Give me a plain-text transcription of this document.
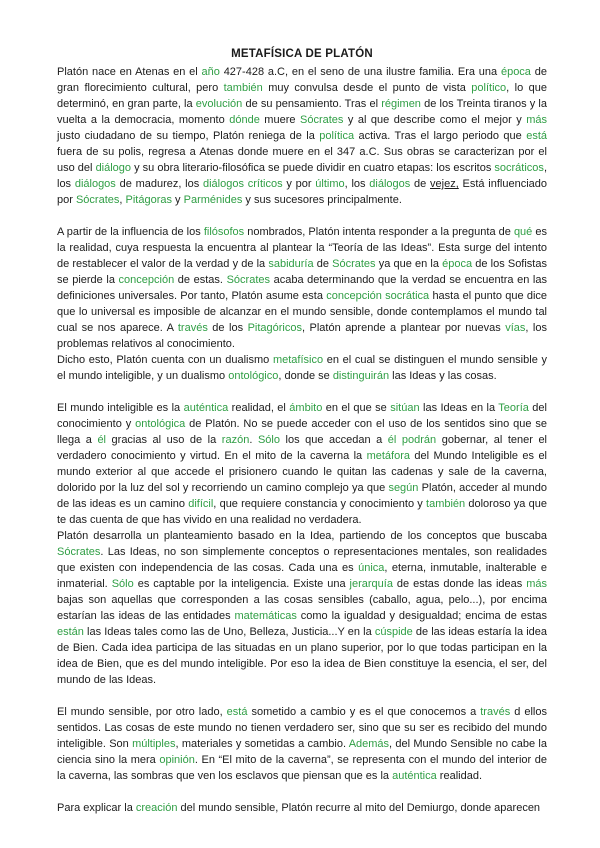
METAFÍSICA DE PLATÓN

Platón nace en Atenas en el año 427-428 a.C, en el seno de una ilustre familia. Era una época de gran florecimiento cultural, pero también muy convulsa desde el punto de vista político, lo que determinó, en gran parte, la evolución de su pensamiento. Tras el régimen de los Treinta tiranos y la vuelta a la democracia, momento dónde muere Sócrates y al que describe como el mejor y más justo ciudadano de su tiempo, Platón reniega de la política activa. Tras el largo periodo que está fuera de su polis, regresa a Atenas donde muere en el 347 a.C. Sus obras se caracterizan por el uso del diálogo y su obra literario-filosófica se puede dividir en cuatro etapas: los escritos socráticos, los diálogos de madurez, los diálogos críticos y por último, los diálogos de vejez, Está influenciado por Sócrates, Pitágoras y Parménides y sus sucesores principalmente.

A partir de la influencia de los filósofos nombrados, Platón intenta responder a la pregunta de qué es la realidad, cuya respuesta la encuentra al plantear la “Teoría de las Ideas”. Esta surge del intento de restablecer el valor de la verdad y de la sabiduría de Sócrates ya que en la época de los Sofistas se pierde la concepción de estas. Sócrates acaba determinando que la verdad se encuentra en las definiciones universales. Por tanto, Platón asume esta concepción socrática hasta el punto que dice que lo universal es imposible de alcanzar en el mundo sensible, donde contemplamos el mundo tal cual se nos aparece. A través de los Pitagóricos, Platón aprende a plantear por nuevas vías, los problemas relativos al conocimiento.

Dicho esto, Platón cuenta con un dualismo metafísico en el cual se distinguen el mundo sensible y el mundo inteligible, y un dualismo ontológico, donde se distinguirán las Ideas y las cosas.

El mundo inteligible es la auténtica realidad, el ámbito en el que se sitúan las Ideas en la Teoría del conocimiento y ontológica de Platón. No se puede acceder con el uso de los sentidos sino que se llega a él gracias al uso de la razón. Sólo los que accedan a él podrán gobernar, al tener el verdadero conocimiento y virtud. En el mito de la caverna la metáfora del Mundo Inteligible es el mundo exterior al que accede el prisionero cuando le quitan las cadenas y sale de la caverna, dolorido por la luz del sol y recorriendo un camino complejo ya que según Platón, acceder al mundo de las ideas es un camino difícil, que requiere constancia y conocimiento y también doloroso ya que te das cuenta de que has vivido en una realidad no verdadera.

Platón desarrolla un planteamiento basado en la Idea, partiendo de los conceptos que buscaba Sócrates. Las Ideas, no son simplemente conceptos o representaciones mentales, son realidades que existen con independencia de las cosas. Cada una es única, eterna, inmutable, inalterable e inmaterial. Sólo es captable por la inteligencia. Existe una jerarquía de estas donde las ideas más bajas son aquellas que corresponden a las cosas sensibles (caballo, agua, pelo...), por encima estarían las ideas de las entidades matemáticas como la igualdad y desigualdad; encima de estas están las Ideas tales como las de Uno, Belleza, Justicia...Y en la cúspide de las ideas estaría la idea de Bien. Cada idea participa de las situadas en un plano superior, por lo que todas participan en la idea de Bien, que es del mundo inteligible. Por eso la idea de Bien constituye la esencia, el ser, del mundo de las Ideas.

El mundo sensible, por otro lado, está sometido a cambio y es el que conocemos a través d ellos sentidos. Las cosas de este mundo no tienen verdadero ser, sino que su ser es recibido del mundo inteligible. Son múltiples, materiales y sometidas a cambio. Además, del Mundo Sensible no cabe la ciencia sino la mera opinión. En “El mito de la caverna”, se representa con el mundo del interior de la caverna, las sombras que ven los esclavos que piensan que es la auténtica realidad.

Para explicar la creación del mundo sensible, Platón recurre al mito del Demiurgo, donde aparecen
